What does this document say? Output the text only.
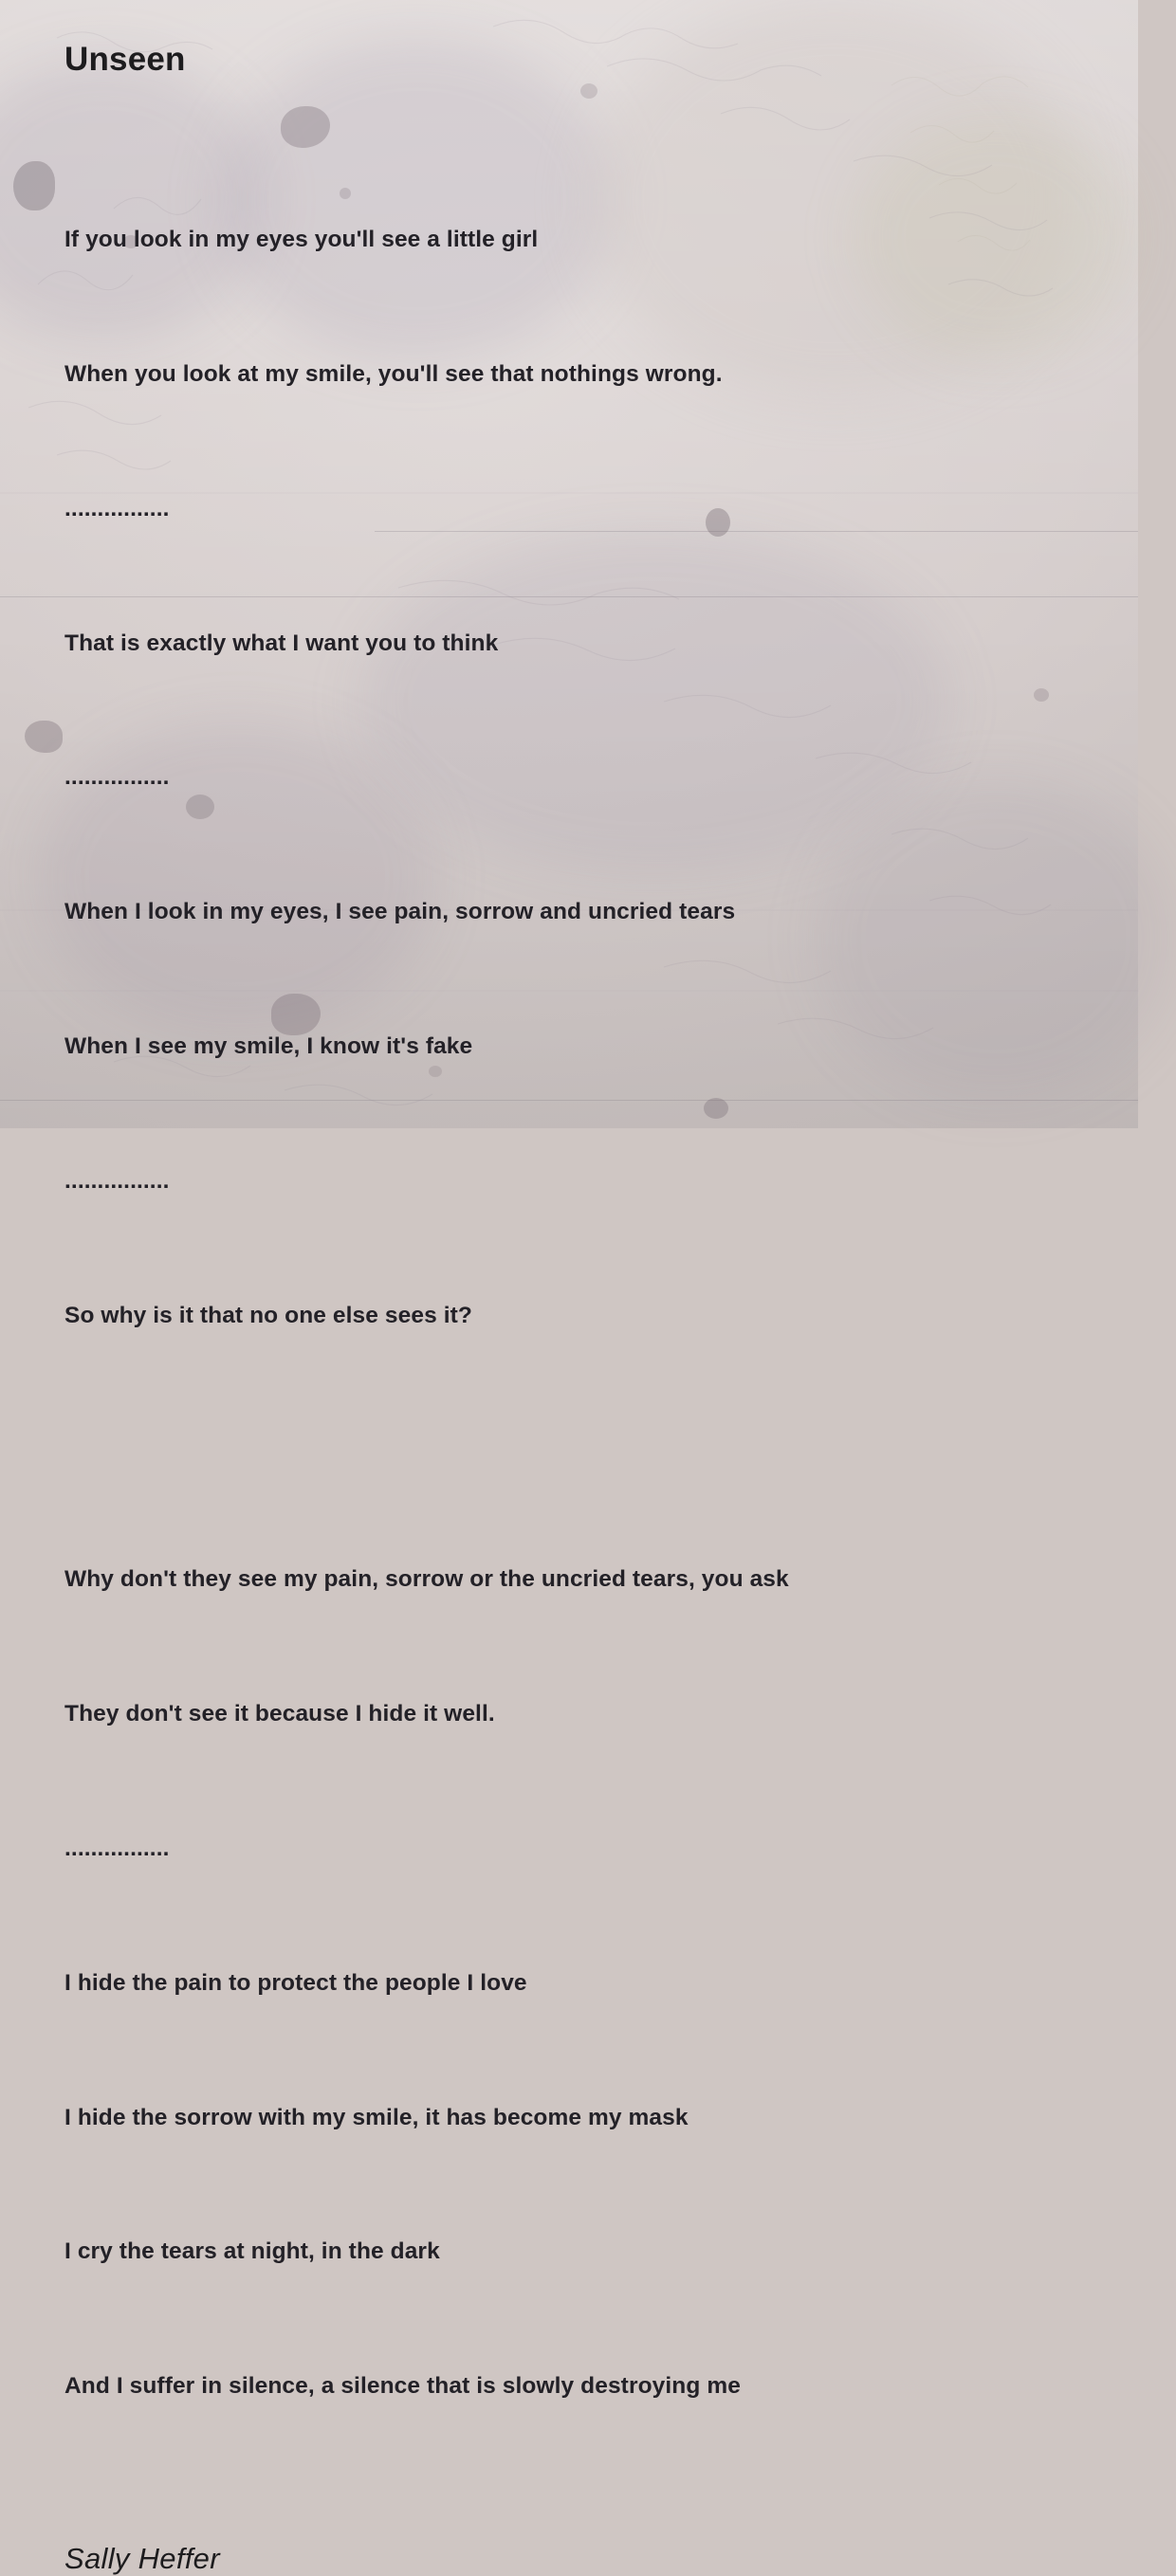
Unseen

If you look in my eyes you'll see a little girl

When you look at my smile, you'll see that nothings wrong.

................

That is exactly what I want you to think

................

When I look in my eyes, I see pain, sorrow and uncried tears

When I see my smile, I know it's fake

................

So why is it that no one else sees it?

Why don't they see my pain, sorrow or the uncried tears, you ask

They don't see it because I hide it well.

................

I hide the pain to protect the people I love

I hide the sorrow with my smile, it has become my mask

I cry the tears at night, in the dark

And I suffer in silence, a silence that is slowly destroying me

Sally Heffer
